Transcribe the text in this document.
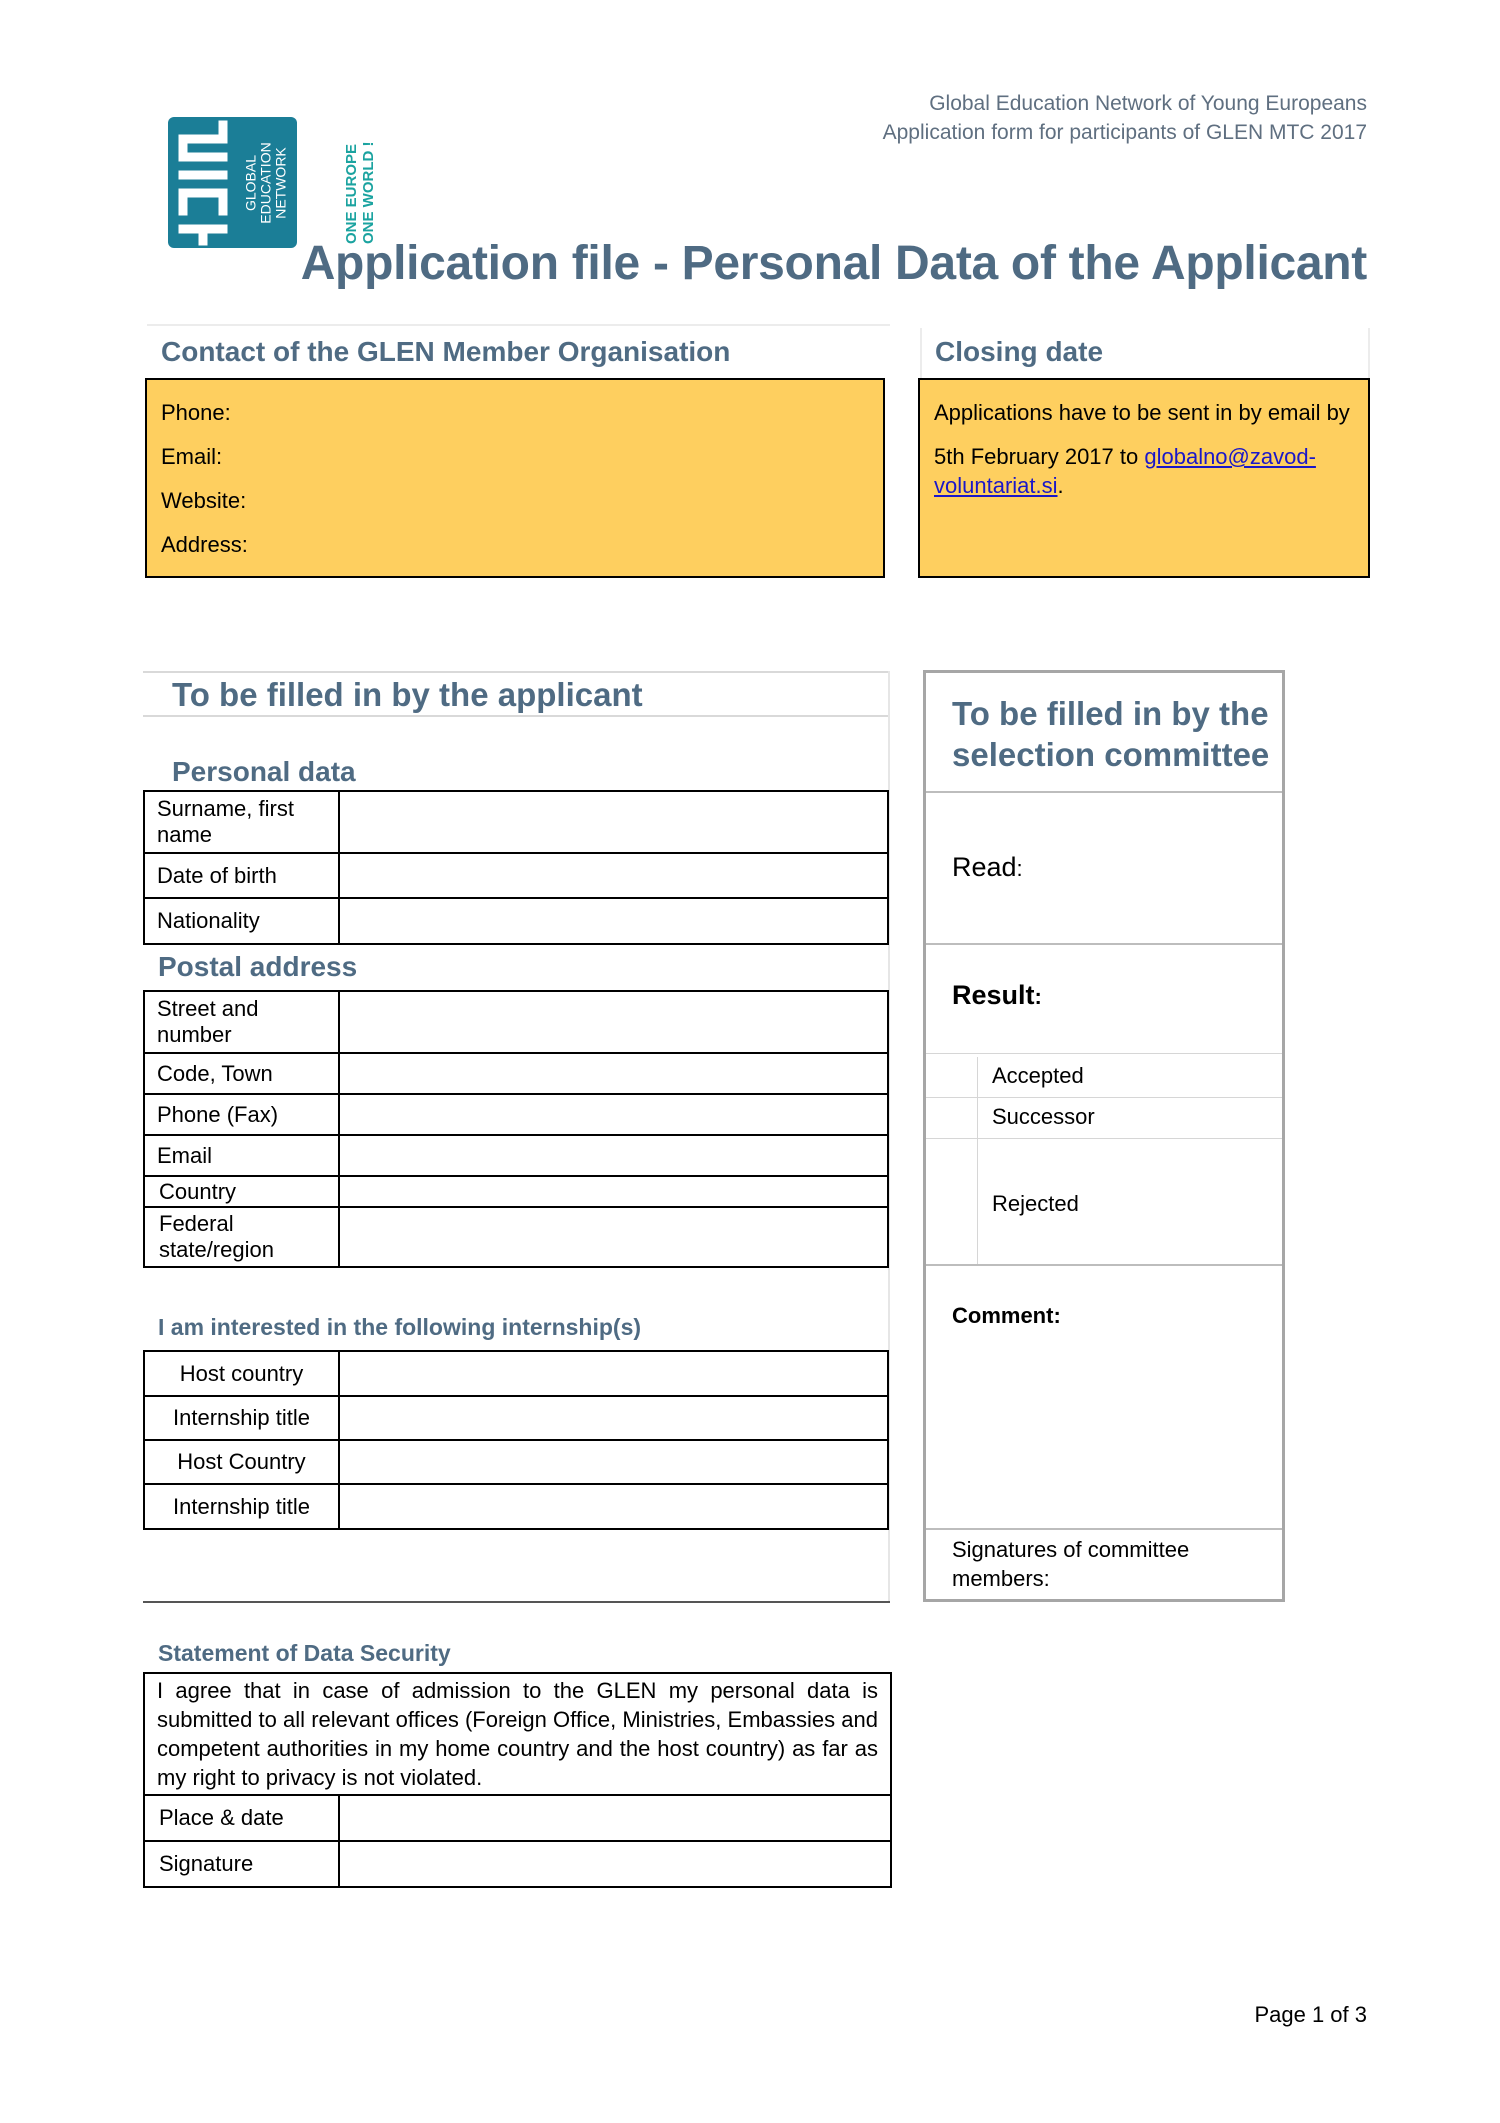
Global Education Network of Young Europeans
Application form for participants of GLEN MTC 2017
GLOBAL EDUCATION NETWORK	ONE EUROPE ONE WORLD !
Application file - Personal Data of the Applicant
Contact of the GLEN Member Organisation
Phone:
Email:
Website:
Address:
Closing date
Applications have to be sent in by email by
5th February 2017 to globalno@zavod-
voluntariat.si.
To be filled in by the applicant
Personal data
Surname, first name	
Date of birth	
Nationality	
Postal address
Street and number	
Code, Town	
Phone (Fax)	
Email	
Country	
Federal state/region	
I am interested in the following internship(s)
Host country	
Internship title	
Host Country	
Internship title	
To be filled in by the
selection committee
Read:
Result:
Accepted
Successor
Rejected
Comment:
Signatures of committee
members:
Statement of Data Security
I agree that in case of admission to the GLEN my personal data is submitted to all relevant offices (Foreign Office, Ministries, Embassies and competent authorities in my home country and the host country) as far as my right to privacy is not violated.	
Place & date	
Signature	
Page 1 of 3
